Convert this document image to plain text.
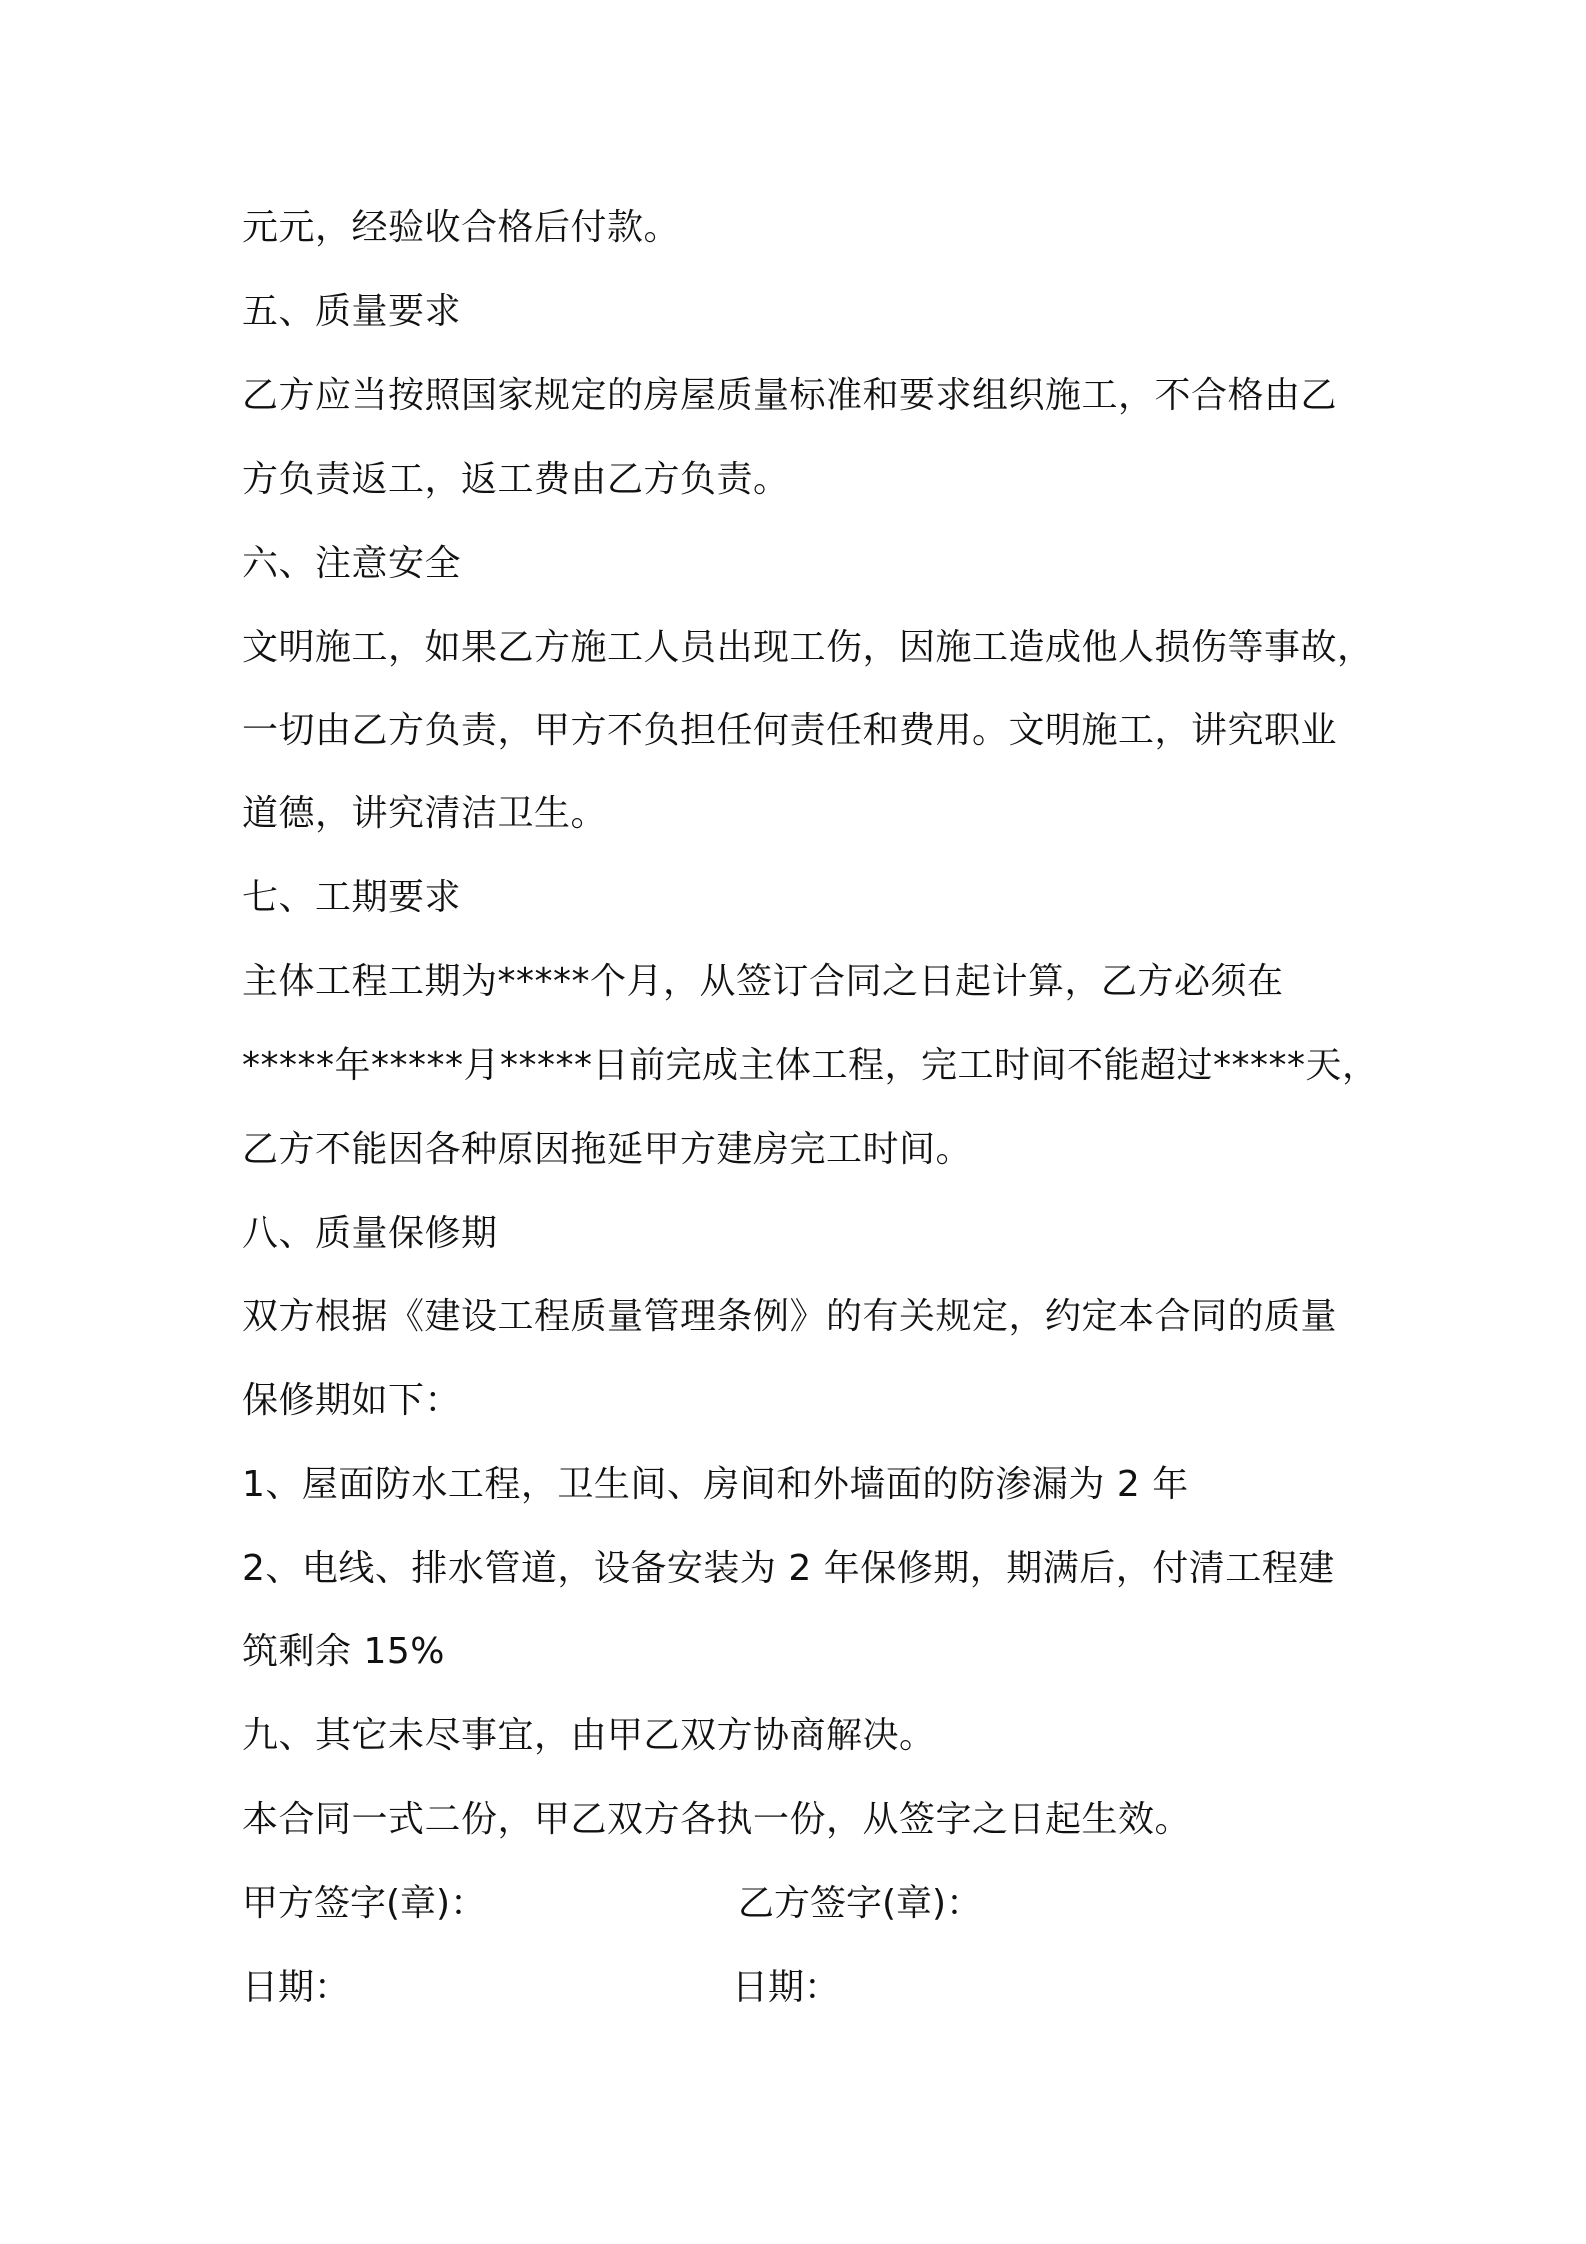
元元，经验收合格后付款。
五、质量要求
乙方应当按照国家规定的房屋质量标准和要求组织施工，不合格由乙
方负责返工，返工费由乙方负责。
六、注意安全
文明施工，如果乙方施工人员出现工伤，因施工造成他人损伤等事故，
一切由乙方负责，甲方不负担任何责任和费用。文明施工，讲究职业
道德，讲究清洁卫生。
七、工期要求
主体工程工期为*****个月，从签订合同之日起计算，乙方必须在
*****年*****月*****日前完成主体工程，完工时间不能超过*****天，
乙方不能因各种原因拖延甲方建房完工时间。
八、质量保修期
双方根据《建设工程质量管理条例》的有关规定，约定本合同的质量
保修期如下：
1、屋面防水工程，卫生间、房间和外墙面的防渗漏为 2 年
2、电线、排水管道，设备安装为 2 年保修期，期满后，付清工程建
筑剩余 15%
九、其它未尽事宜，由甲乙双方协商解决。
本合同一式二份，甲乙双方各执一份，从签字之日起生效。
甲方签字(章)：	乙方签字(章)：
日期：	日期：
